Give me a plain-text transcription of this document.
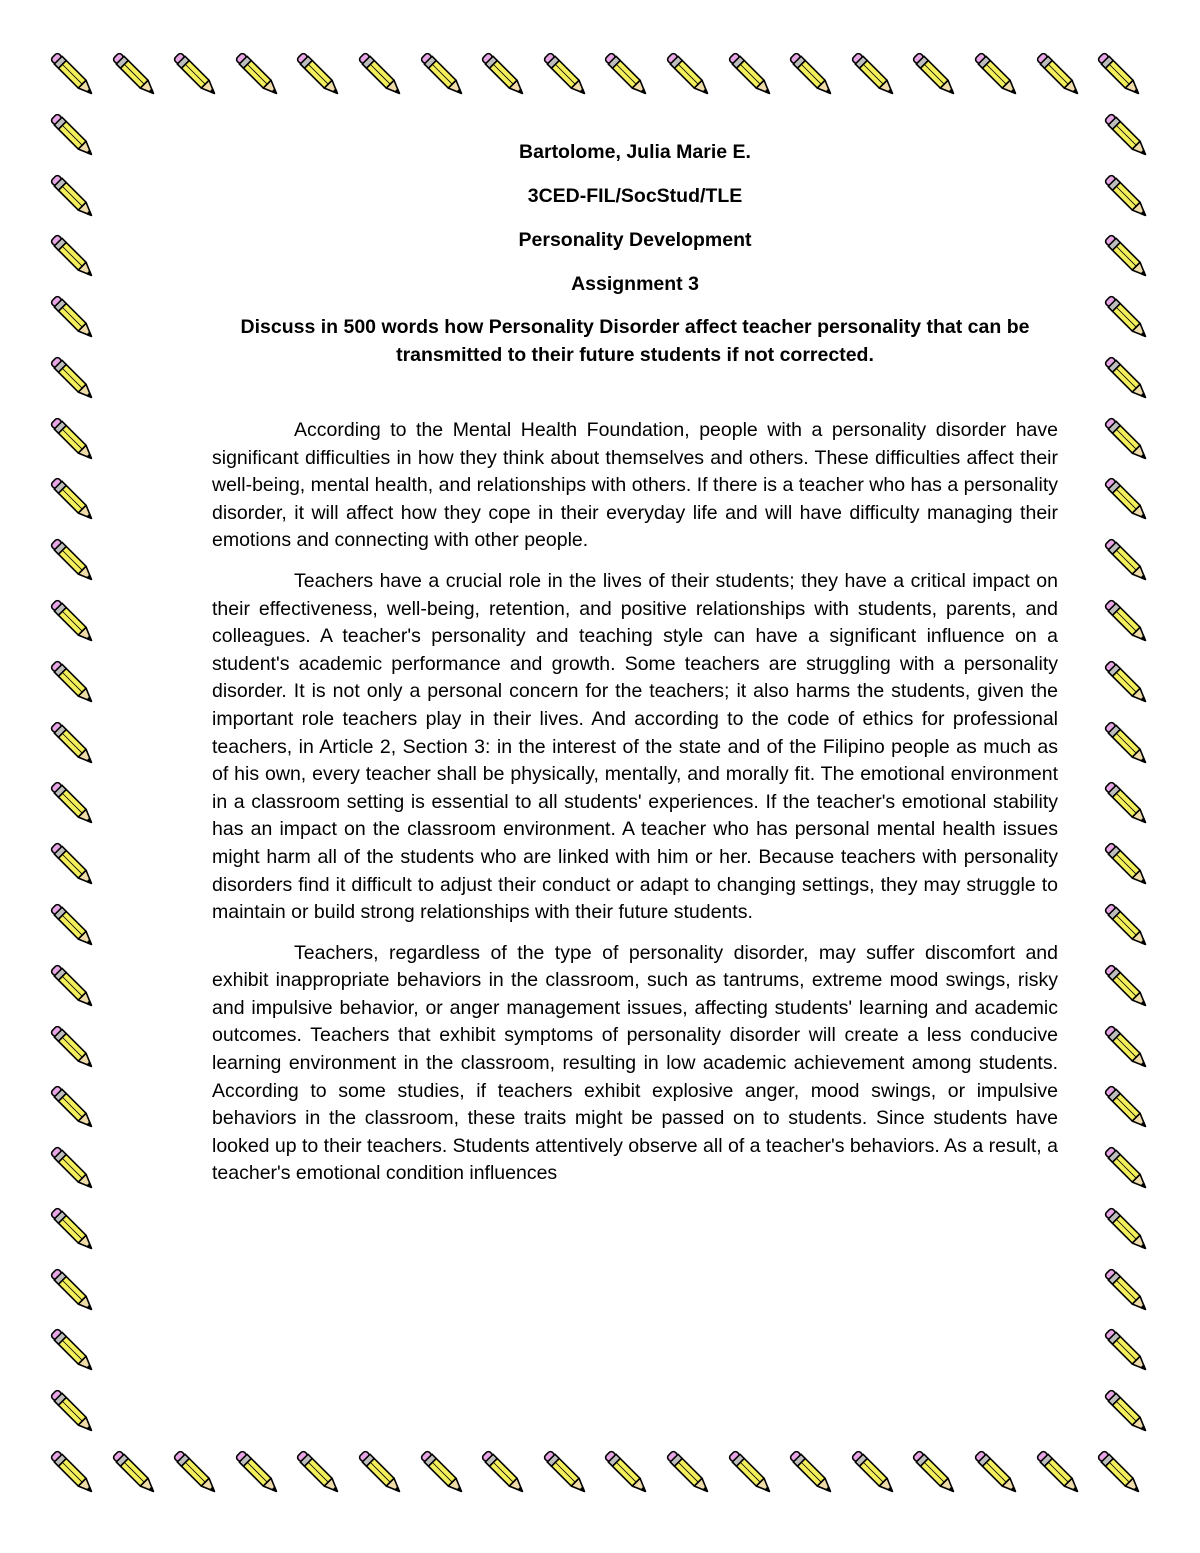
Bartolome, Julia Marie E.

3CED-FIL/SocStud/TLE

Personality Development

Assignment 3

Discuss in 500 words how Personality Disorder affect teacher personality that can be transmitted to their future students if not corrected.

According to the Mental Health Foundation, people with a personality disorder have significant difficulties in how they think about themselves and others. These difficulties affect their well-being, mental health, and relationships with others. If there is a teacher who has a personality disorder, it will affect how they cope in their everyday life and will have difficulty managing their emotions and connecting with other people.

Teachers have a crucial role in the lives of their students; they have a critical impact on their effectiveness, well-being, retention, and positive relationships with students, parents, and colleagues. A teacher's personality and teaching style can have a significant influence on a student's academic performance and growth. Some teachers are struggling with a personality disorder. It is not only a personal concern for the teachers; it also harms the students, given the important role teachers play in their lives. And according to the code of ethics for professional teachers, in Article 2, Section 3: in the interest of the state and of the Filipino people as much as of his own, every teacher shall be physically, mentally, and morally fit. The emotional environment in a classroom setting is essential to all students' experiences. If the teacher's emotional stability has an impact on the classroom environment. A teacher who has personal mental health issues might harm all of the students who are linked with him or her. Because teachers with personality disorders find it difficult to adjust their conduct or adapt to changing settings, they may struggle to maintain or build strong relationships with their future students.

Teachers, regardless of the type of personality disorder, may suffer discomfort and exhibit inappropriate behaviors in the classroom, such as tantrums, extreme mood swings, risky and impulsive behavior, or anger management issues, affecting students' learning and academic outcomes. Teachers that exhibit symptoms of personality disorder will create a less conducive learning environment in the classroom, resulting in low academic achievement among students. According to some studies, if teachers exhibit explosive anger, mood swings, or impulsive behaviors in the classroom, these traits might be passed on to students. Since students have looked up to their teachers. Students attentively observe all of a teacher's behaviors. As a result, a teacher's emotional condition influences
